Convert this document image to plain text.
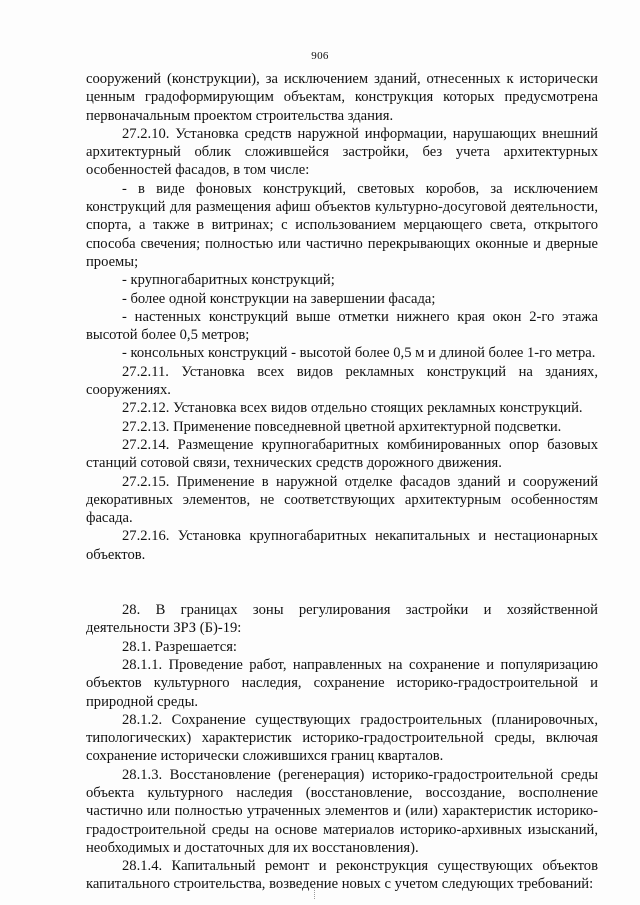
906

сооружений (конструкции), за исключением зданий, отнесенных к исторически ценным градоформирующим объектам, конструкция которых предусмотрена первоначальным проектом строительства здания.

27.2.10. Установка средств наружной информации, нарушающих внешний архитектурный облик сложившейся застройки, без учета архитектурных особенностей фасадов, в том числе:

- в виде фоновых конструкций, световых коробов, за исключением конструкций для размещения афиш объектов культурно-досуговой деятельности, спорта, а также в витринах; с использованием мерцающего света, открытого способа свечения; полностью или частично перекрывающих оконные и дверные проемы;

- крупногабаритных конструкций;

- более одной конструкции на завершении фасада;

- настенных конструкций выше отметки нижнего края окон 2-го этажа высотой более 0,5 метров;

- консольных конструкций - высотой более 0,5 м и длиной более 1-го метра.

27.2.11. Установка всех видов рекламных конструкций на зданиях, сооружениях.

27.2.12. Установка всех видов отдельно стоящих рекламных конструкций.

27.2.13. Применение повседневной цветной архитектурной подсветки.

27.2.14. Размещение крупногабаритных комбинированных опор базовых станций сотовой связи, технических средств дорожного движения.

27.2.15. Применение в наружной отделке фасадов зданий и сооружений декоративных элементов, не соответствующих архитектурным особенностям фасада.

27.2.16. Установка крупногабаритных некапитальных и нестационарных объектов.

28. В границах зоны регулирования застройки и хозяйственной деятельности ЗРЗ (Б)-19:

28.1. Разрешается:

28.1.1. Проведение работ, направленных на сохранение и популяризацию объектов культурного наследия, сохранение историко-градостроительной и природной среды.

28.1.2. Сохранение существующих градостроительных (планировочных, типологических) характеристик историко-градостроительной среды, включая сохранение исторически сложившихся границ кварталов.

28.1.3. Восстановление (регенерация) историко-градостроительной среды объекта культурного наследия (восстановление, воссоздание, восполнение частично или полностью утраченных элементов и (или) характеристик историко-градостроительной среды на основе материалов историко-архивных изысканий, необходимых и достаточных для их восстановления).

28.1.4. Капитальный ремонт и реконструкция существующих объектов капитального строительства, возведение новых с учетом следующих требований:
